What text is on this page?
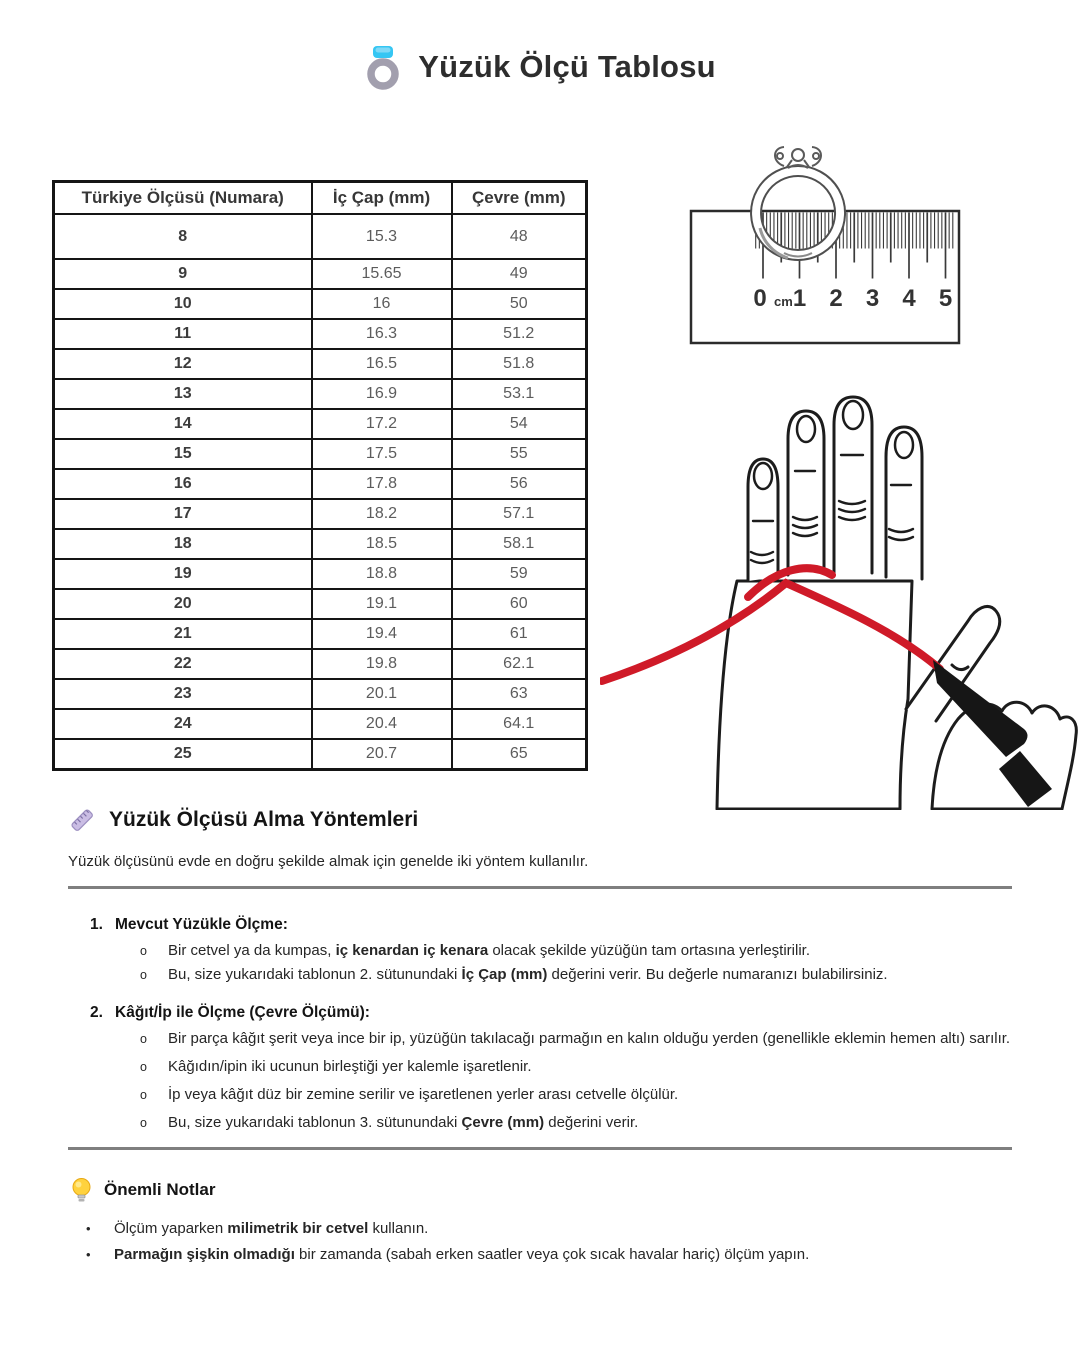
Yüzük Ölçü Tablosu
Türkiye Ölçüsü (Numara)	İç Çap (mm)	Çevre (mm)
8	15.3	48
9	15.65	49
10	16	50
11	16.3	51.2
12	16.5	51.8
13	16.9	53.1
14	17.2	54
15	17.5	55
16	17.8	56
17	18.2	57.1
18	18.5	58.1
19	18.8	59
20	19.1	60
21	19.4	61
22	19.8	62.1
23	20.1	63
24	20.4	64.1
25	20.7	65
0 cm 1 2 3 4 5
Yüzük Ölçüsü Alma Yöntemleri
Yüzük ölçüsünü evde en doğru şekilde almak için genelde iki yöntem kullanılır.
1. Mevcut Yüzükle Ölçme:
o	Bir cetvel ya da kumpas, iç kenardan iç kenara olacak şekilde yüzüğün tam ortasına yerleştirilir.
o	Bu, size yukarıdaki tablonun 2. sütunundaki İç Çap (mm) değerini verir. Bu değerle numaranızı bulabilirsiniz.
2. Kâğıt/İp ile Ölçme (Çevre Ölçümü):
o	Bir parça kâğıt şerit veya ince bir ip, yüzüğün takılacağı parmağın en kalın olduğu yerden (genellikle eklemin hemen altı) sarılır.
o	Kâğıdın/ipin iki ucunun birleştiği yer kalemle işaretlenir.
o	İp veya kâğıt düz bir zemine serilir ve işaretlenen yerler arası cetvelle ölçülür.
o	Bu, size yukarıdaki tablonun 3. sütunundaki Çevre (mm) değerini verir.
Önemli Notlar
•	Ölçüm yaparken milimetrik bir cetvel kullanın.
•	Parmağın şişkin olmadığı bir zamanda (sabah erken saatler veya çok sıcak havalar hariç) ölçüm yapın.
